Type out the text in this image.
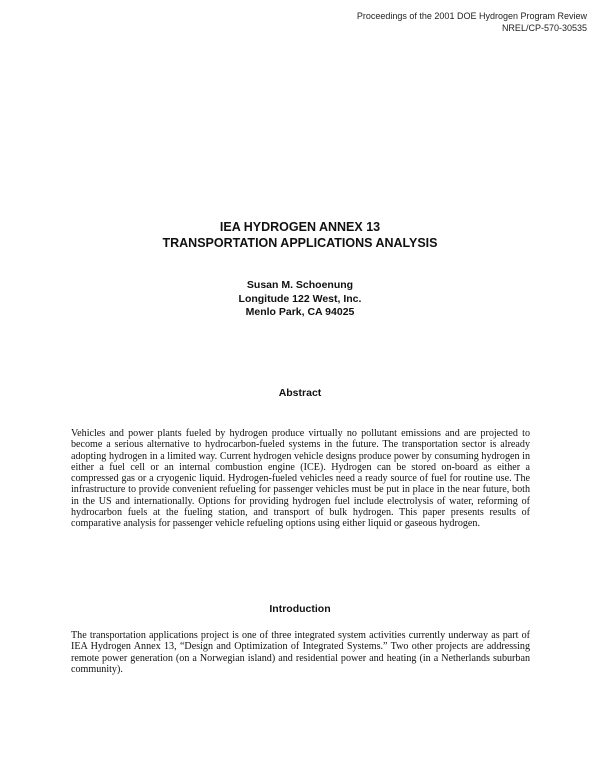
Proceedings of the 2001 DOE Hydrogen Program Review
NREL/CP-570-30535
IEA HYDROGEN ANNEX 13
TRANSPORTATION APPLICATIONS ANALYSIS
Susan M. Schoenung
Longitude 122 West, Inc.
Menlo Park, CA 94025
Abstract

Vehicles and power plants fueled by hydrogen produce virtually no pollutant emissions and are projected to become a serious alternative to hydrocarbon-fueled systems in the future. The transportation sector is already adopting hydrogen in a limited way. Current hydrogen vehicle designs produce power by consuming hydrogen in either a fuel cell or an internal combustion engine (ICE). Hydrogen can be stored on-board as either a compressed gas or a cryogenic liquid. Hydrogen-fueled vehicles need a ready source of fuel for routine use. The infrastructure to provide convenient refueling for passenger vehicles must be put in place in the near future, both in the US and internationally. Options for providing hydrogen fuel include electrolysis of water, reforming of hydrocarbon fuels at the fueling station, and transport of bulk hydrogen. This paper presents results of comparative analysis for passenger vehicle refueling options using either liquid or gaseous hydrogen.

Introduction

The transportation applications project is one of three integrated system activities currently underway as part of IEA Hydrogen Annex 13, “Design and Optimization of Integrated Systems.” Two other projects are addressing remote power generation (on a Norwegian island) and residential power and heating (in a Netherlands suburban community).
